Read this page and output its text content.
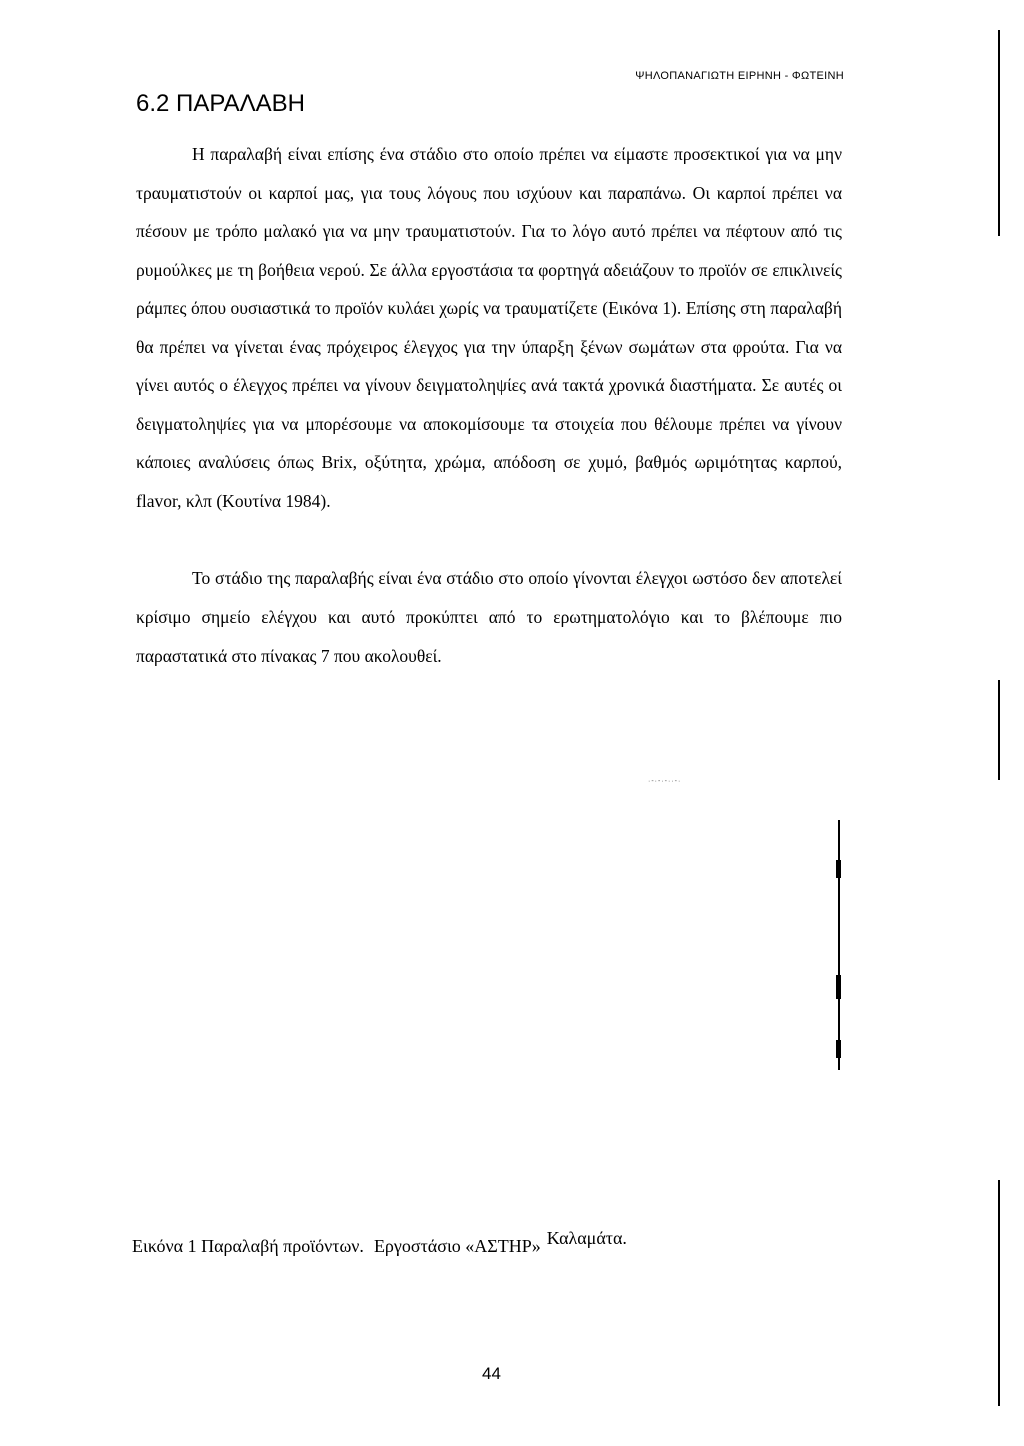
ΨΗΛΟΠΑΝΑΓΙΩΤΗ ΕΙΡΗΝΗ - ΦΩΤΕΙΝΗ
6.2 ΠΑΡΑΛΑΒΗ

Η παραλαβή είναι επίσης ένα στάδιο στο οποίο πρέπει να είμαστε προσεκτικοί για να μην τραυματιστούν οι καρποί μας, για τους λόγους που ισχύουν και παραπάνω. Οι καρποί πρέπει να πέσουν με τρόπο μαλακό για να μην τραυματιστούν. Για το λόγο αυτό πρέπει να πέφτουν από τις ρυμούλκες με τη βοήθεια νερού. Σε άλλα εργοστάσια τα φορτηγά αδειάζουν το προϊόν σε επικλινείς ράμπες όπου ουσιαστικά το προϊόν κυλάει χωρίς να τραυματίζετε (Εικόνα 1). Επίσης στη παραλαβή θα πρέπει να γίνεται ένας πρόχειρος έλεγχος για την ύπαρξη ξένων σωμάτων στα φρούτα. Για να γίνει αυτός ο έλεγχος πρέπει να γίνουν δειγματοληψίες ανά τακτά χρονικά διαστήματα. Σε αυτές οι δειγματοληψίες για να μπορέσουμε να αποκομίσουμε τα στοιχεία που θέλουμε πρέπει να γίνουν κάποιες αναλύσεις όπως Brix, οξύτητα, χρώμα, απόδοση σε χυμό, βαθμός ωριμότητας καρπού, flavor, κλπ (Κουτίνα 1984).

Το στάδιο της παραλαβής είναι ένα στάδιο στο οποίο γίνονται έλεγχοι ωστόσο δεν αποτελεί κρίσιμο σημείο ελέγχου και αυτό προκύπτει από το ερωτηματολόγιο και το βλέπουμε πιο παραστατικά στο πίνακας 7 που ακολουθεί.

·-·-·-··-·

Εικόνα 1 Παραλαβή προϊόντων. Εργοστάσιο «ΑΣΤΗΡ» Καλαμάτα.

44
